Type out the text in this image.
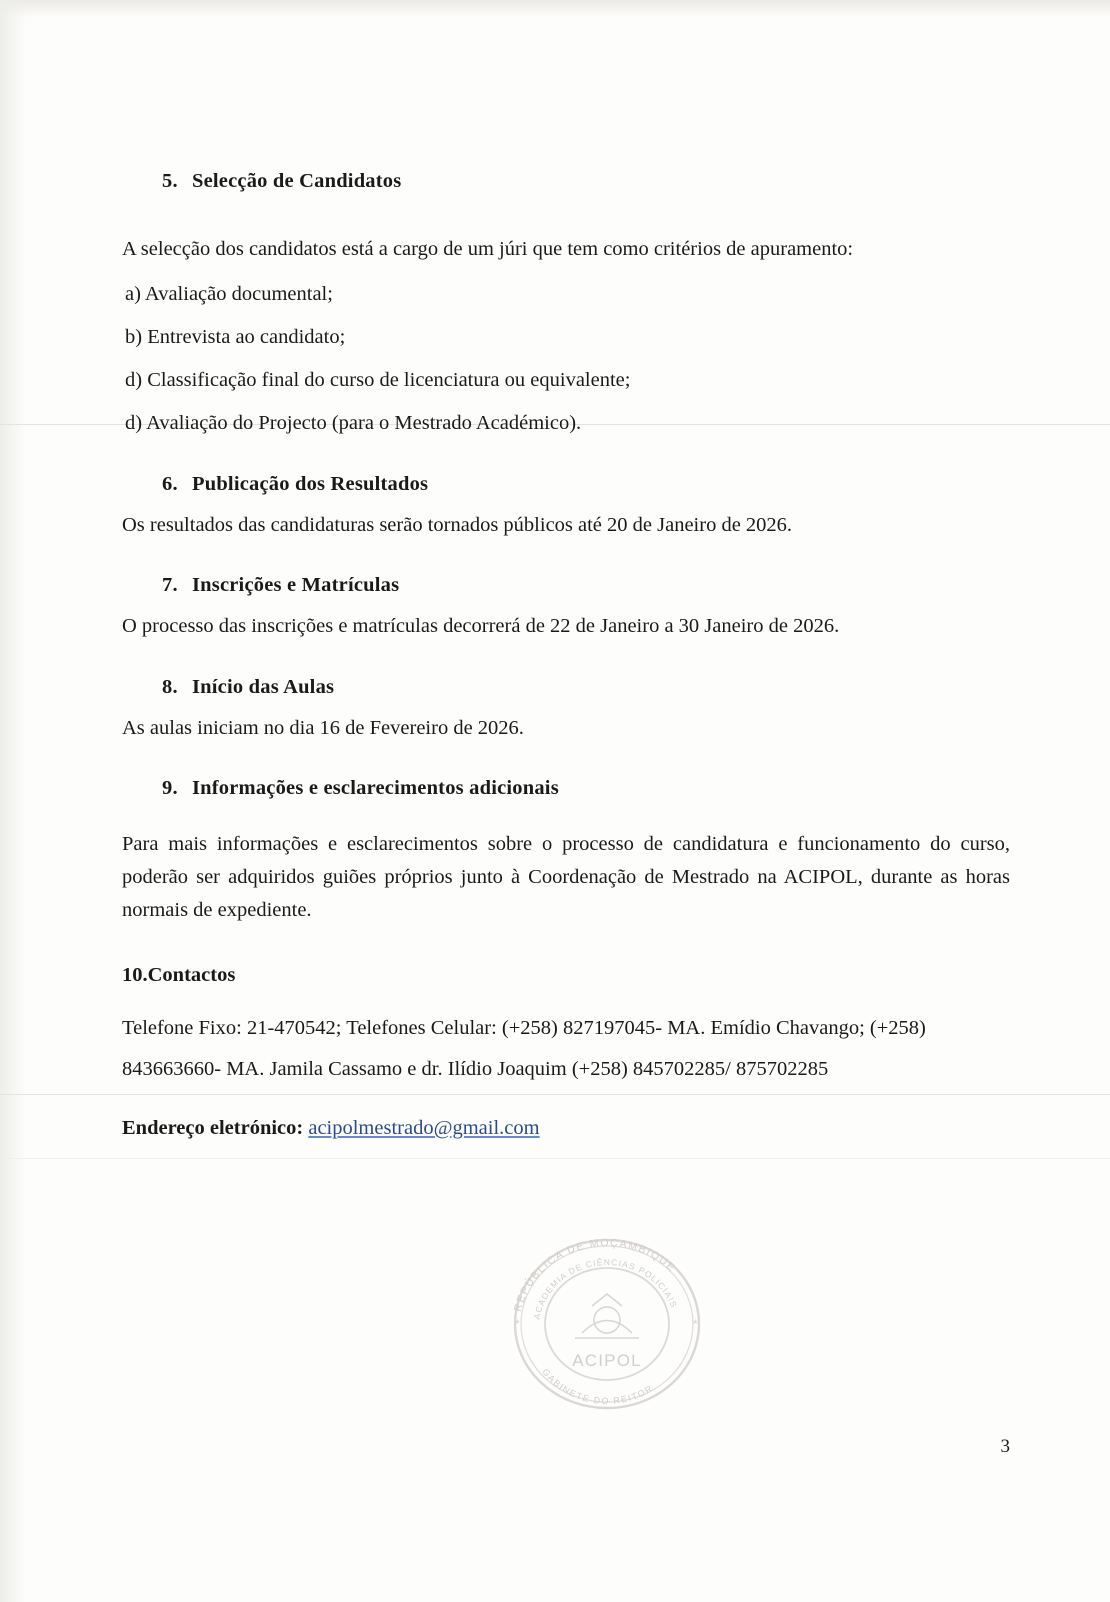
5. Selecção de Candidatos

A selecção dos candidatos está a cargo de um júri que tem como critérios de apuramento:

a) Avaliação documental;

b) Entrevista ao candidato;

d) Classificação final do curso de licenciatura ou equivalente;

d) Avaliação do Projecto (para o Mestrado Académico).

6. Publicação dos Resultados

Os resultados das candidaturas serão tornados públicos até 20 de Janeiro de 2026.

7. Inscrições e Matrículas

O processo das inscrições e matrículas decorrerá de 22 de Janeiro a 30 Janeiro de 2026.

8. Início das Aulas

As aulas iniciam no dia 16 de Fevereiro de 2026.

9. Informações e esclarecimentos adicionais

Para mais informações e esclarecimentos sobre o processo de candidatura e funcionamento do curso, poderão ser adquiridos guiões próprios junto à Coordenação de Mestrado na ACIPOL, durante as horas normais de expediente.

10.Contactos

Telefone Fixo: 21-470542; Telefones Celular: (+258) 827197045- MA. Emídio Chavango; (+258)

843663660- MA. Jamila Cassamo e dr. Ilídio Joaquim (+258) 845702285/ 875702285

Endereço eletrónico: acipolmestrado@gmail.com

REPÚBLICA DE MOÇAMBIQUE
ACADEMIA DE CIÊNCIAS POLICIAIS
GABINETE DO REITOR
ACIPOL
*	*
3
